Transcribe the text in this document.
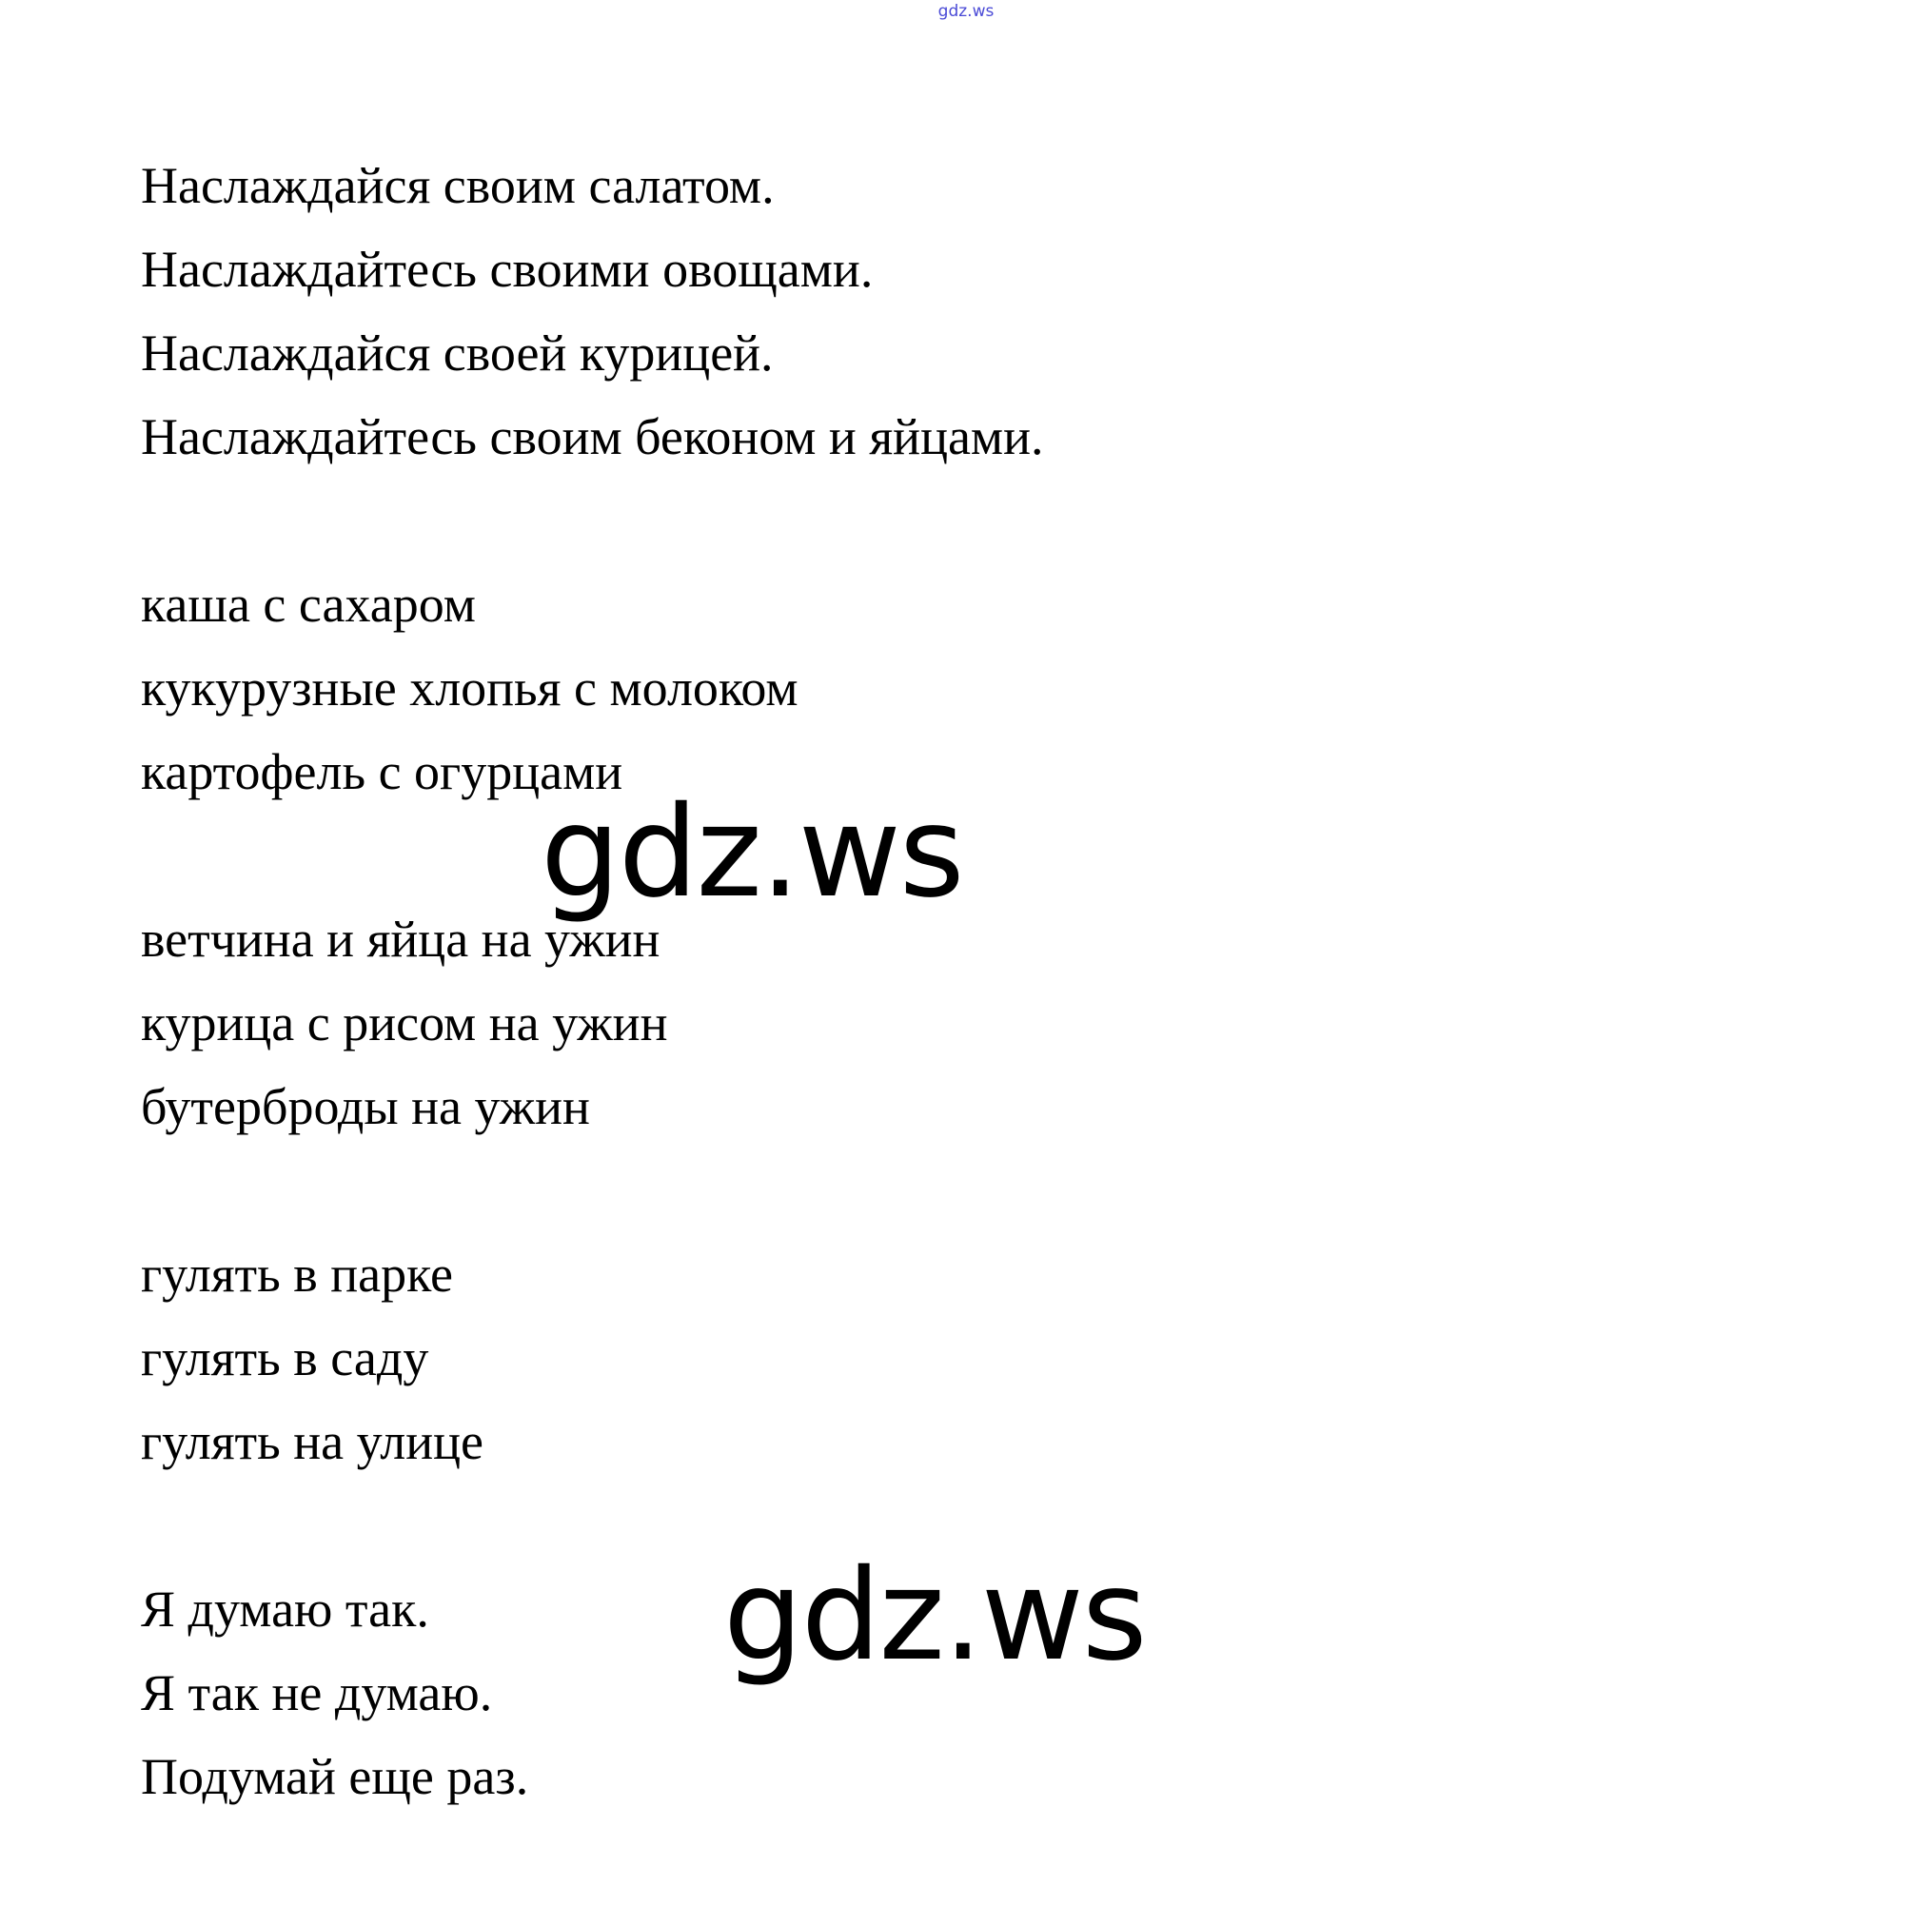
gdz.ws
Наслаждайся своим салатом.
Наслаждайтесь своими овощами.
Наслаждайся своей курицей.
Наслаждайтесь своим беконом и яйцами.
каша с сахаром
кукурузные хлопья с молоком
картофель с огурцами
ветчина и яйца на ужин
курица с рисом на ужин
бутерброды на ужин
гулять в парке
гулять в саду
гулять на улице
Я думаю так.
Я так не думаю.
Подумай еще раз.
gdz.ws
gdz.ws
